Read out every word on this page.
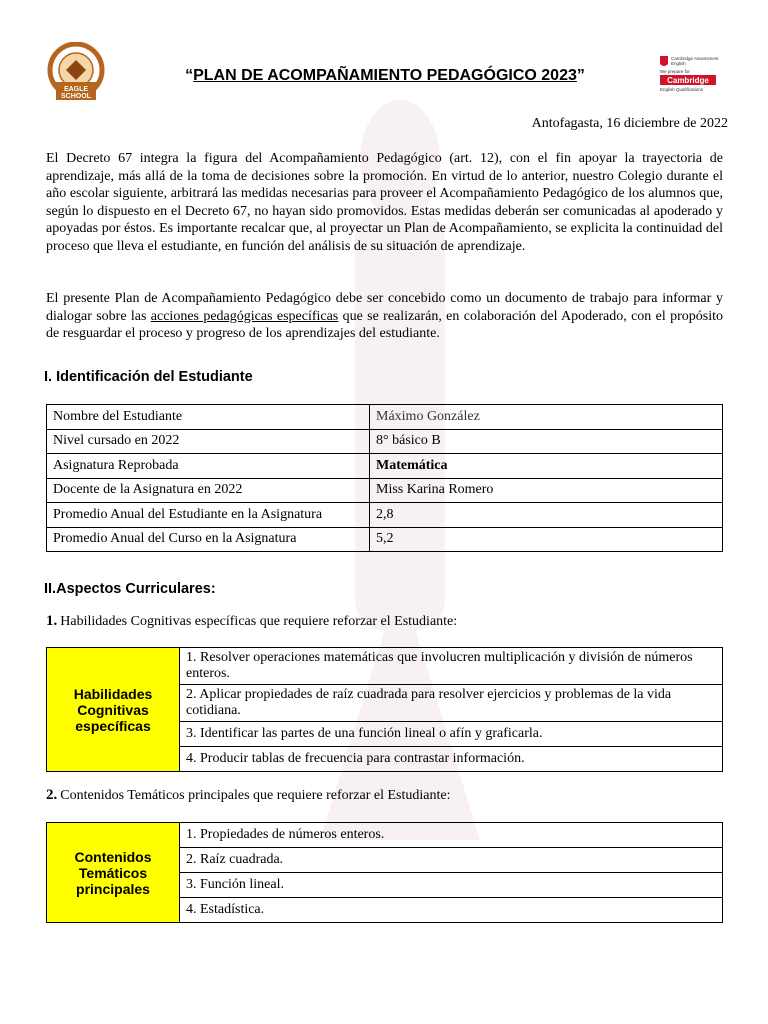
EAGLE
SCHOOL
“PLAN DE ACOMPAÑAMIENTO PEDAGÓGICO 2023”
Cambridge Assessment
English
We prepare for
Cambridge
English Qualifications
Antofagasta, 16 diciembre de 2022

El Decreto 67 integra la figura del Acompañamiento Pedagógico (art. 12), con el fin apoyar la trayectoria de aprendizaje, más allá de la toma de decisiones sobre la promoción. En virtud de lo anterior, nuestro Colegio durante el año escolar siguiente, arbitrará las medidas necesarias para proveer el Acompañamiento Pedagógico de los alumnos que, según lo dispuesto en el Decreto 67, no hayan sido promovidos. Estas medidas deberán ser comunicadas al apoderado y apoyadas por éstos. Es importante recalcar que, al proyectar un Plan de Acompañamiento, se explicita la continuidad del proceso que lleva el estudiante, en función del análisis de su situación de aprendizaje.

El presente Plan de Acompañamiento Pedagógico debe ser concebido como un documento de trabajo para informar y dialogar sobre las acciones pedagógicas específicas que se realizarán, en colaboración del Apoderado, con el propósito de resguardar el proceso y progreso de los aprendizajes del estudiante.

I. Identificación del Estudiante
Nombre del Estudiante	Máximo González
Nivel cursado en 2022	8° básico B
Asignatura Reprobada	Matemática
Docente de la Asignatura en 2022	Miss Karina Romero
Promedio Anual del Estudiante en la Asignatura	2,8
Promedio Anual del Curso en la Asignatura	5,2
II.Aspectos Curriculares:

1. Habilidades Cognitivas específicas que requiere reforzar el Estudiante:

Habilidades Cognitivas específicas	1. Resolver operaciones matemáticas que involucren multiplicación y división de números enteros.
2. Aplicar propiedades de raíz cuadrada para resolver ejercicios y problemas de la vida cotidiana.
3. Identificar las partes de una función lineal o afín y graficarla.
4. Producir tablas de frecuencia para contrastar información.

2. Contenidos Temáticos principales que requiere reforzar el Estudiante:

Contenidos Temáticos principales	1. Propiedades de números enteros.
2. Raíz cuadrada.
3. Función lineal.
4. Estadística.
